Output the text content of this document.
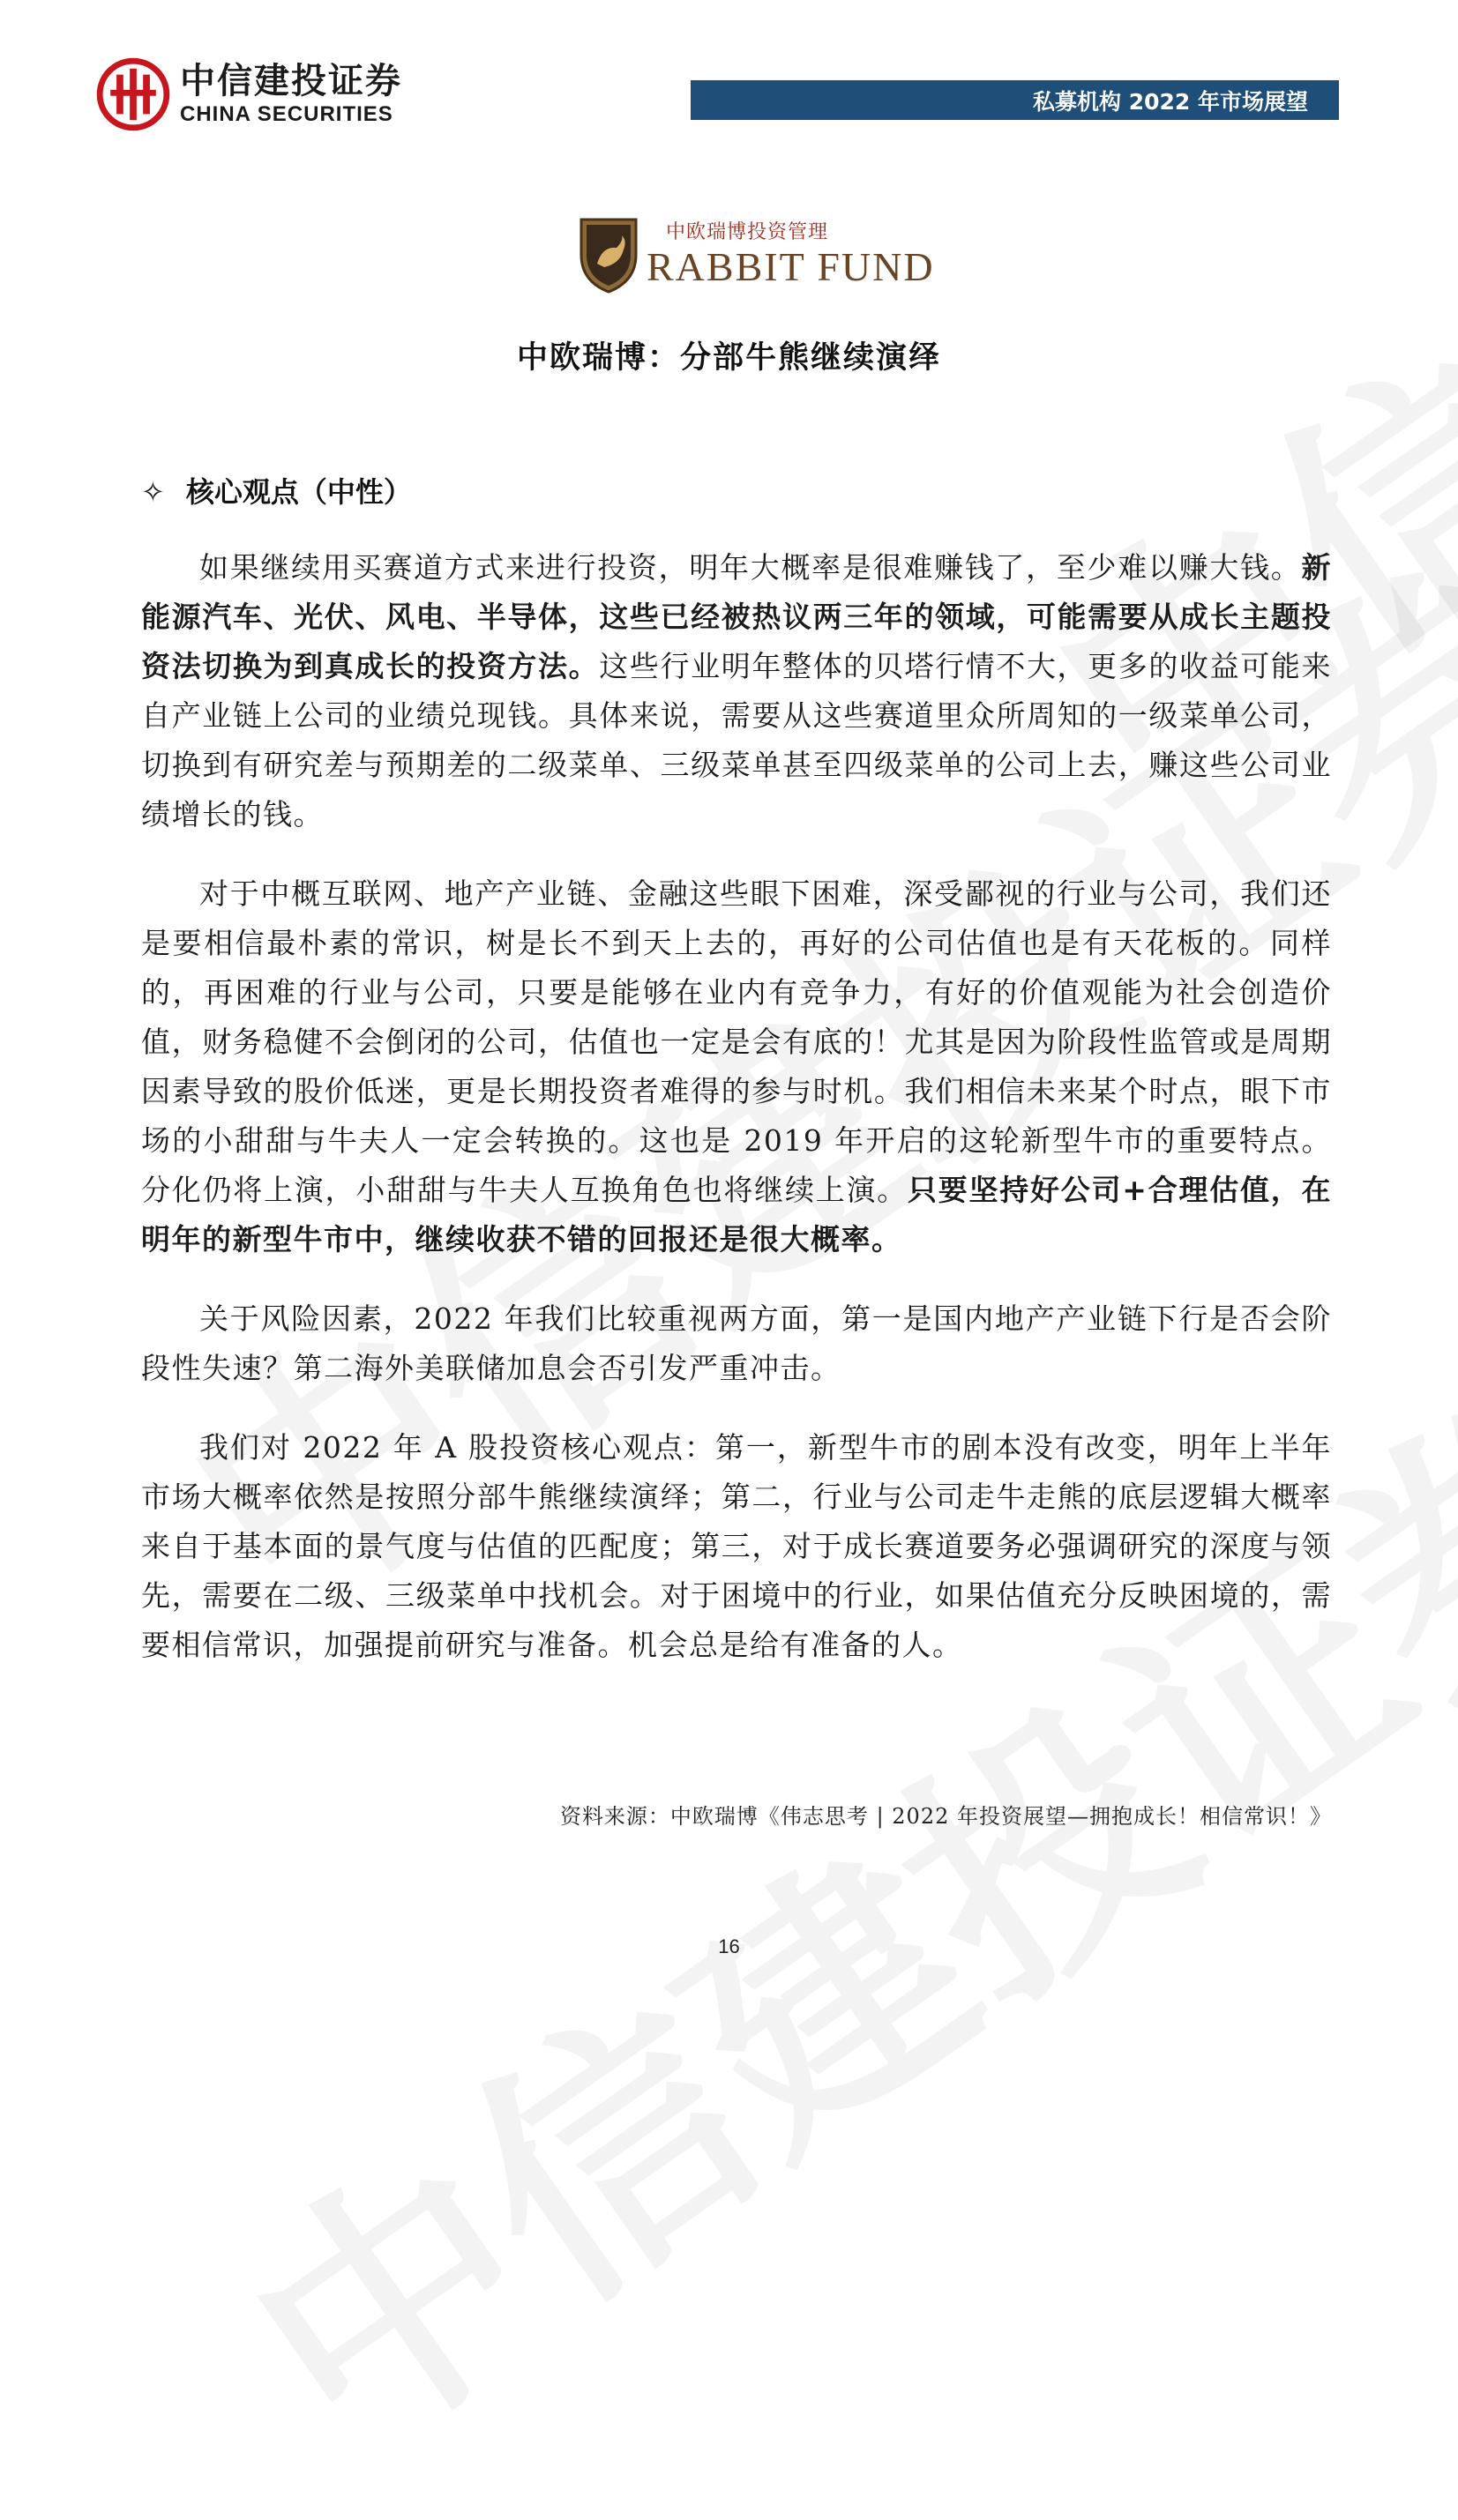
中信建投证券
CHINA SECURITIES	私募机构 2022 年市场展望
中欧瑞博投资管理
RABBIT FUND
中欧瑞博：分部牛熊继续演绎
✧ 核心观点（中性）

如果继续用买赛道方式来进行投资，明年大概率是很难赚钱了，至少难以赚大钱。新能源汽车、光伏、风电、半导体，这些已经被热议两三年的领域，可能需要从成长主题投资法切换为到真成长的投资方法。这些行业明年整体的贝塔行情不大，更多的收益可能来自产业链上公司的业绩兑现钱。具体来说，需要从这些赛道里众所周知的一级菜单公司，切换到有研究差与预期差的二级菜单、三级菜单甚至四级菜单的公司上去，赚这些公司业绩增长的钱。

对于中概互联网、地产产业链、金融这些眼下困难，深受鄙视的行业与公司，我们还是要相信最朴素的常识，树是长不到天上去的，再好的公司估值也是有天花板的。同样的，再困难的行业与公司，只要是能够在业内有竞争力，有好的价值观能为社会创造价值，财务稳健不会倒闭的公司，估值也一定是会有底的！尤其是因为阶段性监管或是周期因素导致的股价低迷，更是长期投资者难得的参与时机。我们相信未来某个时点，眼下市场的小甜甜与牛夫人一定会转换的。这也是 2019 年开启的这轮新型牛市的重要特点。分化仍将上演，小甜甜与牛夫人互换角色也将继续上演。只要坚持好公司+合理估值，在明年的新型牛市中，继续收获不错的回报还是很大概率。

关于风险因素，2022 年我们比较重视两方面，第一是国内地产产业链下行是否会阶段性失速？第二海外美联储加息会否引发严重冲击。

我们对 2022 年 A 股投资核心观点：第一，新型牛市的剧本没有改变，明年上半年市场大概率依然是按照分部牛熊继续演绎；第二，行业与公司走牛走熊的底层逻辑大概率来自于基本面的景气度与估值的匹配度；第三，对于成长赛道要务必强调研究的深度与领先，需要在二级、三级菜单中找机会。对于困境中的行业，如果估值充分反映困境的，需要相信常识，加强提前研究与准备。机会总是给有准备的人。

资料来源：中欧瑞博《伟志思考 | 2022 年投资展望—拥抱成长！相信常识！》
16
